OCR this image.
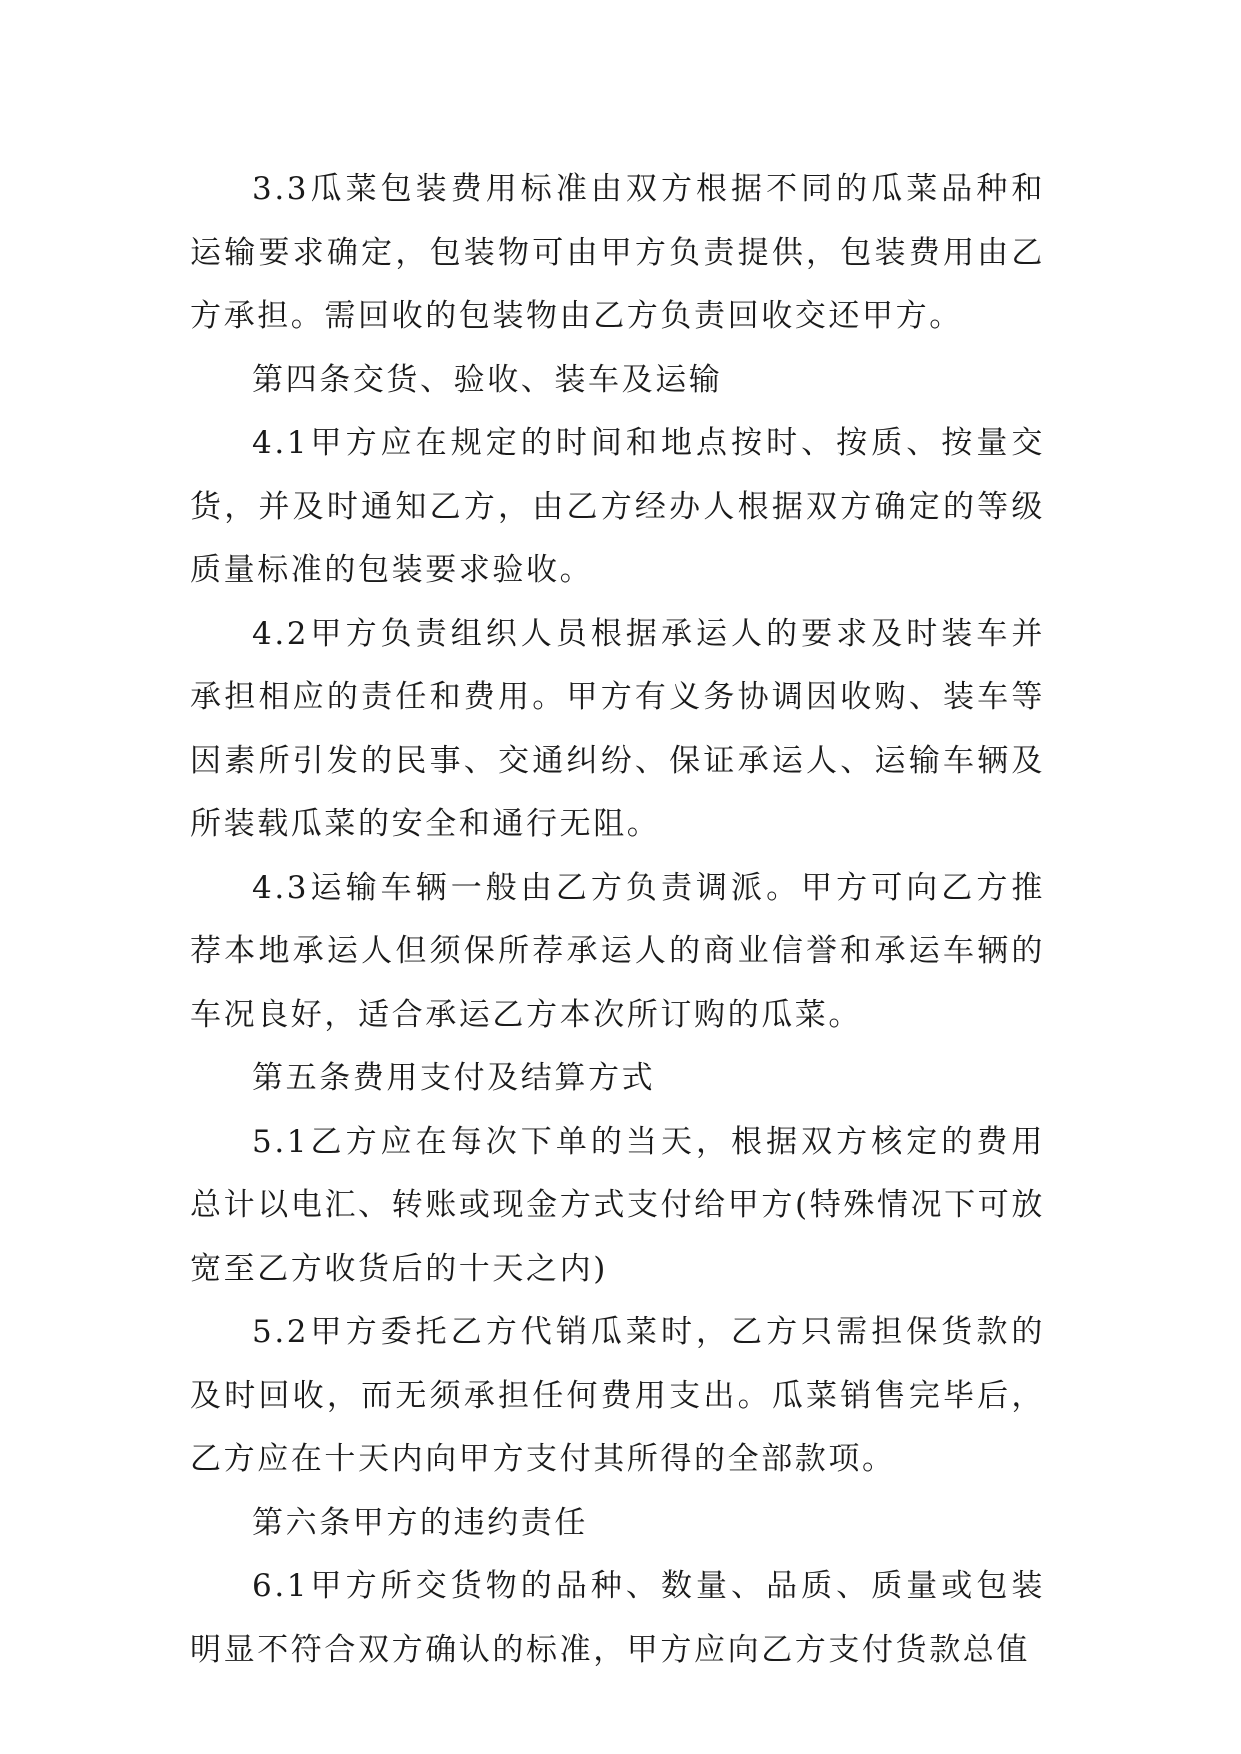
3.3瓜菜包装费用标准由双方根据不同的瓜菜品种和运输要求确定，包装物可由甲方负责提供，包装费用由乙方承担。需回收的包装物由乙方负责回收交还甲方。

第四条交货、验收、装车及运输

4.1甲方应在规定的时间和地点按时、按质、按量交货，并及时通知乙方，由乙方经办人根据双方确定的等级质量标准的包装要求验收。

4.2甲方负责组织人员根据承运人的要求及时装车并承担相应的责任和费用。甲方有义务协调因收购、装车等因素所引发的民事、交通纠纷、保证承运人、运输车辆及所装载瓜菜的安全和通行无阻。

4.3运输车辆一般由乙方负责调派。甲方可向乙方推荐本地承运人但须保所荐承运人的商业信誉和承运车辆的车况良好，适合承运乙方本次所订购的瓜菜。

第五条费用支付及结算方式

5.1乙方应在每次下单的当天，根据双方核定的费用总计以电汇、转账或现金方式支付给甲方(特殊情况下可放宽至乙方收货后的十天之内)

5.2甲方委托乙方代销瓜菜时，乙方只需担保货款的及时回收，而无须承担任何费用支出。瓜菜销售完毕后，乙方应在十天内向甲方支付其所得的全部款项。

第六条甲方的违约责任

6.1甲方所交货物的品种、数量、品质、质量或包装明显不符合双方确认的标准，甲方应向乙方支付货款总值
